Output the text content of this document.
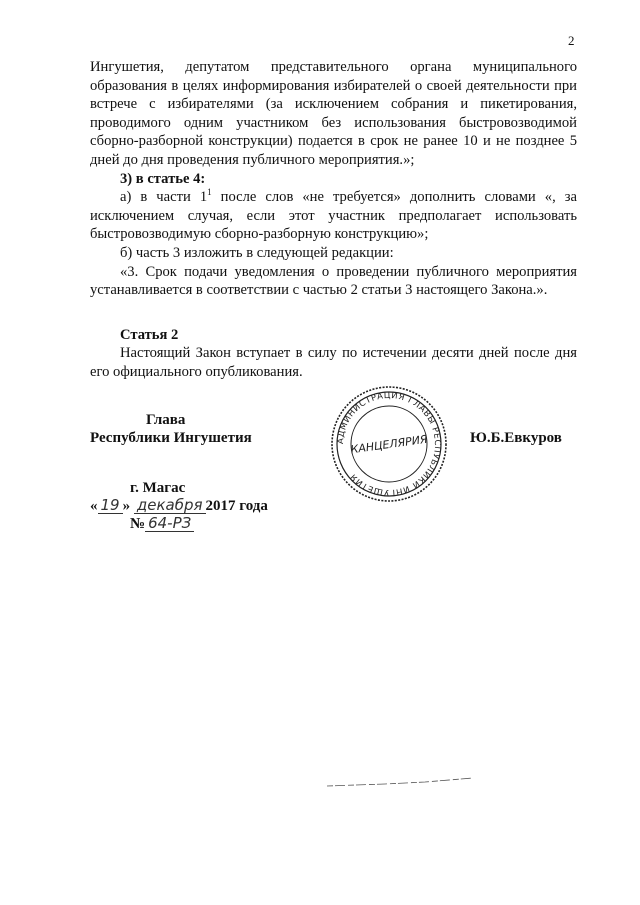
2

Ингушетия, депутатом представительного органа муниципального образования в целях информирования избирателей о своей деятельности при встрече с избирателями (за исключением собрания и пикетирования, проводимого одним участником без использования быстровозводимой сборно-разборной конструкции) подается в срок не ранее 10 и не позднее 5 дней до дня проведения публичного мероприятия.»;

3) в статье 4:

а) в части $1^1$ после слов «не требуется» дополнить словами «, за исключением случая, если этот участник предполагает использовать быстровозводимую сборно-разборную конструкцию»;

б) часть 3 изложить в следующей редакции:

«3. Срок подачи уведомления о проведении публичного мероприятия устанавливается в соответствии с частью 2 статьи 3 настоящего Закона.».

Статья 2

Настоящий Закон вступает в силу по истечении десяти дней после дня его официального опубликования.

Глава
Республики Ингушетия
г. Магас
« 19 » декабря 2017 года
№ 64-РЗ
АДМИНИСТРАЦИЯ ГЛАВЫ РЕСПУБЛИКИ ИНГУШЕТИЯ
КАНЦЕЛЯРИЯ	Ю.Б.Евкуров
